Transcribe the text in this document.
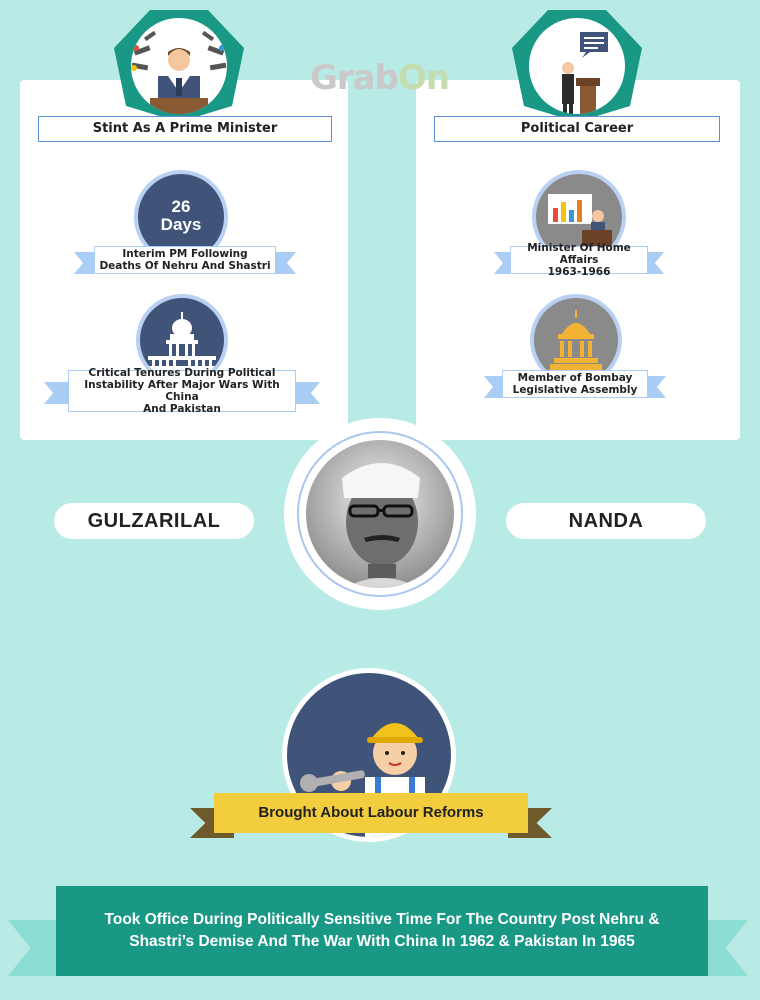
Stint As A Prime Minister
26
Days
Interim PM Following
Deaths Of Nehru And Shastri
Critical Tenures During Political
Instability After Major Wars With China
And Pakistan
Political Career
Minister Of Home Affairs
1963-1966
Member of Bombay
Legislative Assembly
GrabOn
GULZARILAL	NANDA
Brought About Labour Reforms
Took Office During Politically Sensitive Time For The Country Post Nehru &
Shastri’s Demise And The War With China In 1962 & Pakistan In 1965
